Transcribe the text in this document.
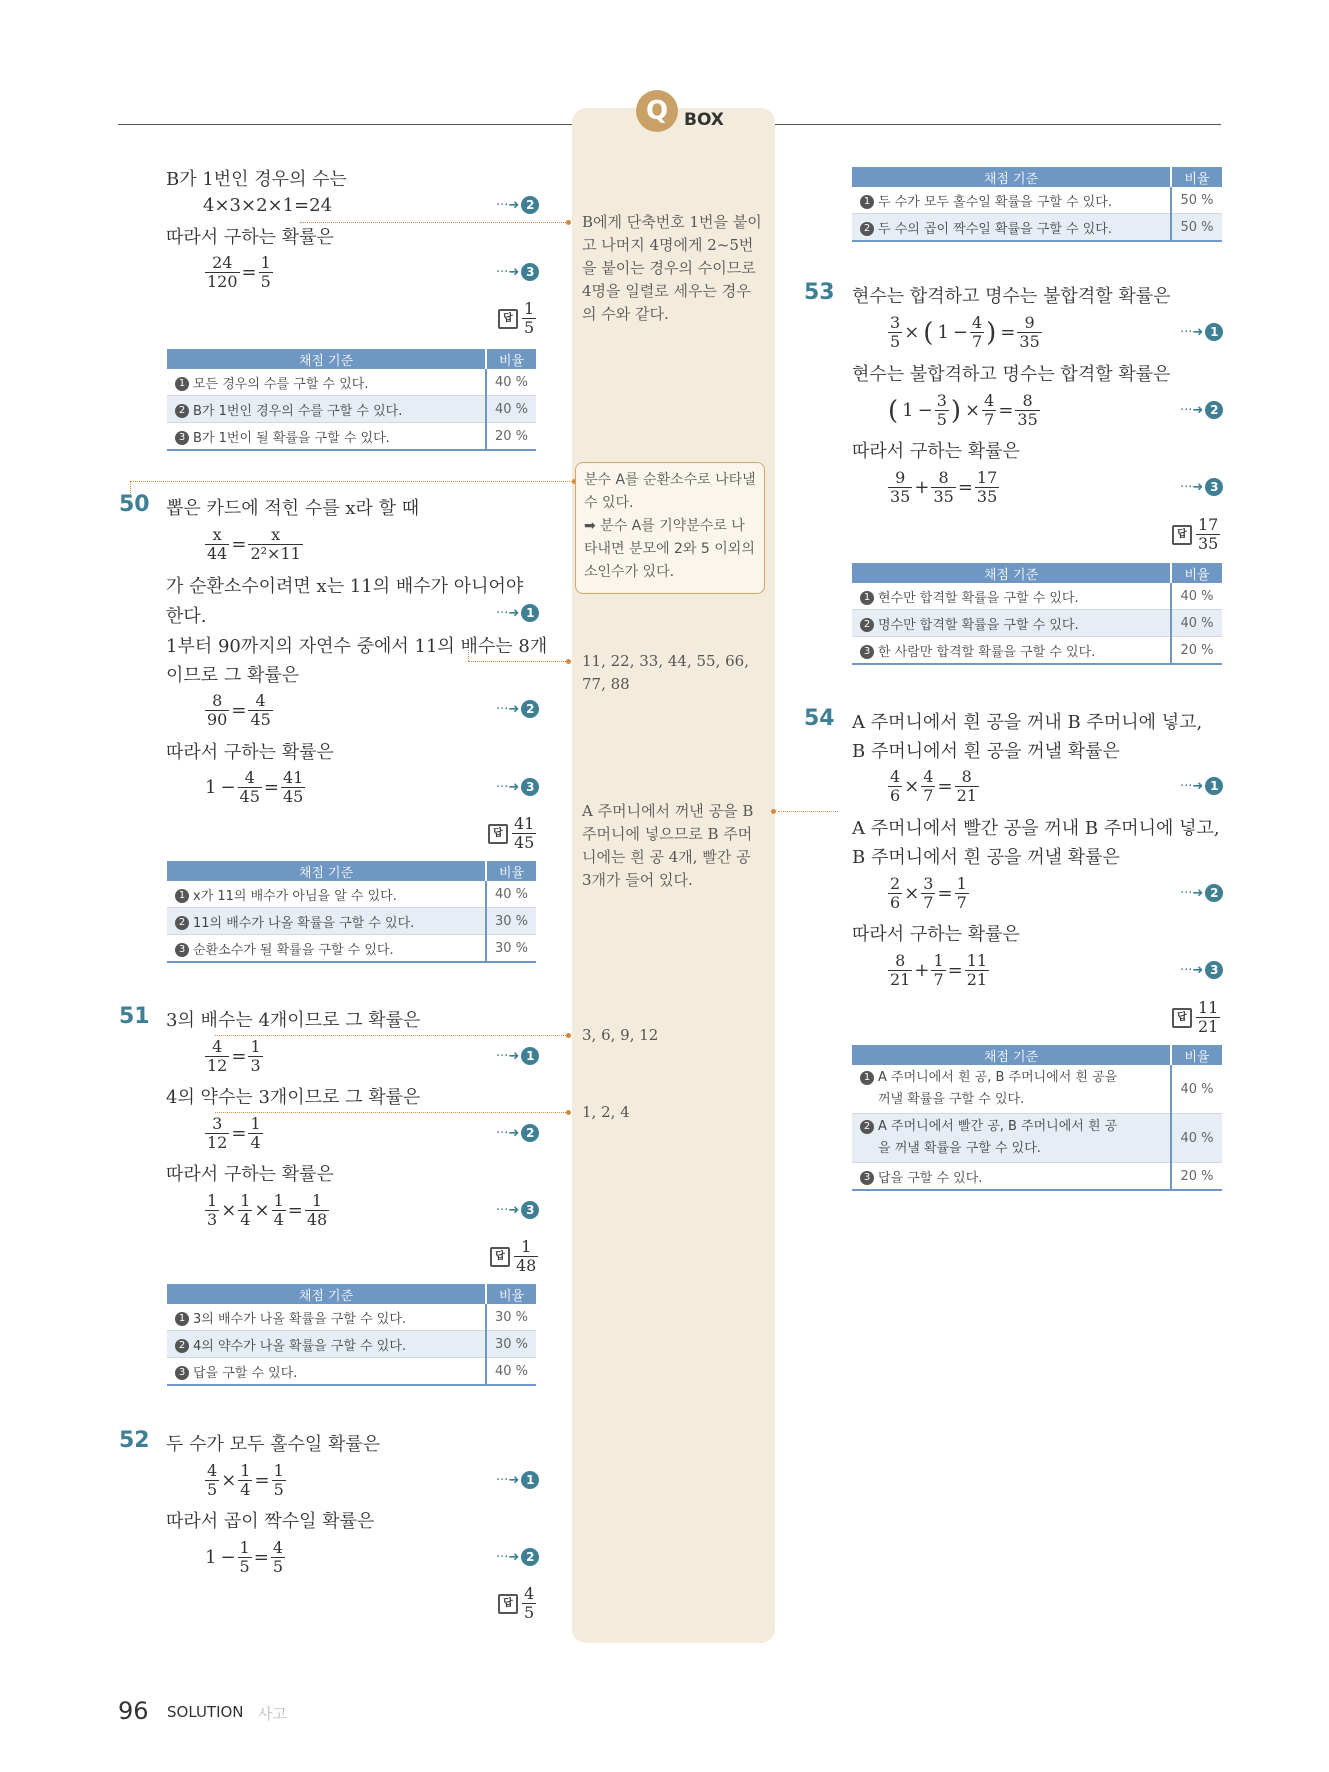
Q BOX
B가 1번인 경우의 수는
4×3×2×1=24	···➜ 2
따라서 구하는 확률은
$\frac{24}{120} = \frac{1}{5}$	···➜ 3
답 $\frac{1}{5}$
채점 기준	비율
1 모든 경우의 수를 구할 수 있다.	40 %
2 B가 1번인 경우의 수를 구할 수 있다.	40 %
3 B가 1번이 될 확률을 구할 수 있다.	20 %
50 뽑은 카드에 적힌 수를 x라 할 때
$\frac{x}{44} = \frac{x}{\text{2²×11}}$
가 순환소수이려면 x는 11의 배수가 아니어야
한다.	···➜ 1
1부터 90까지의 자연수 중에서 11의 배수는 8개
이므로 그 확률은
$\frac{8}{90} = \frac{4}{45}$	···➜ 2
따라서 구하는 확률은
$1 - \frac{4}{45} = \frac{41}{45}$	···➜ 3
답 $\frac{41}{45}$
채점 기준	비율
1 x가 11의 배수가 아님을 알 수 있다.	40 %
2 11의 배수가 나올 확률을 구할 수 있다.	30 %
3 순환소수가 될 확률을 구할 수 있다.	30 %
51 3의 배수는 4개이므로 그 확률은
$\frac{4}{12} = \frac{1}{3}$	···➜ 1
4의 약수는 3개이므로 그 확률은
$\frac{3}{12} = \frac{1}{4}$	···➜ 2
따라서 구하는 확률은
$\frac{1}{3} \times \frac{1}{4} \times \frac{1}{4} = \frac{1}{48}$	···➜ 3
답 $\frac{1}{48}$
채점 기준	비율
1 3의 배수가 나올 확률을 구할 수 있다.	30 %
2 4의 약수가 나올 확률을 구할 수 있다.	30 %
3 답을 구할 수 있다.	40 %
52 두 수가 모두 홀수일 확률은
$\frac{4}{5} \times \frac{1}{4} = \frac{1}{5}$	···➜ 1
따라서 곱이 짝수일 확률은
$1 - \frac{1}{5} = \frac{4}{5}$	···➜ 2
답 $\frac{4}{5}$
채점 기준	비율
1 두 수가 모두 홀수일 확률을 구할 수 있다.	50 %
2 두 수의 곱이 짝수일 확률을 구할 수 있다.	50 %
53 현수는 합격하고 명수는 불합격할 확률은
$\frac{3}{5}$ × ( $1 - \frac{4}{7}$ ) = $\frac{9}{35}$	···➜ 1
현수는 불합격하고 명수는 합격할 확률은
( $1 - \frac{3}{5}$ ) × $\frac{4}{7} = \frac{8}{35}$	···➜ 2
따라서 구하는 확률은
$\frac{9}{35} + \frac{8}{35} = \frac{17}{35}$	···➜ 3
답 $\frac{17}{35}$
채점 기준	비율
1 현수만 합격할 확률을 구할 수 있다.	40 %
2 명수만 합격할 확률을 구할 수 있다.	40 %
3 한 사람만 합격할 확률을 구할 수 있다.	20 %
54 A 주머니에서 흰 공을 꺼내 B 주머니에 넣고,
B 주머니에서 흰 공을 꺼낼 확률은
$\frac{4}{6} \times \frac{4}{7} = \frac{8}{21}$	···➜ 1
A 주머니에서 빨간 공을 꺼내 B 주머니에 넣고,
B 주머니에서 흰 공을 꺼낼 확률은
$\frac{2}{6} \times \frac{3}{7} = \frac{1}{7}$	···➜ 2
따라서 구하는 확률은
$\frac{8}{21} + \frac{1}{7} = \frac{11}{21}$	···➜ 3
답 $\frac{11}{21}$
채점 기준	비율
1 A 주머니에서 흰 공, B 주머니에서 흰 공을
꺼낼 확률을 구할 수 있다.	40 %
2 A 주머니에서 빨간 공, B 주머니에서 흰 공
을 꺼낼 확률을 구할 수 있다.	40 %
3 답을 구할 수 있다.	20 %
B에게 단축번호 1번을 붙이고 나머지 4명에게 2~5번을 붙이는 경우의 수이므로 4명을 일렬로 세우는 경우의 수와 같다.
분수 A를 순환소수로 나타낼 수 있다.
➡ 분수 A를 기약분수로 나타내면 분모에 2와 5 이외의 소인수가 있다.
11, 22, 33, 44, 55, 66, 77, 88
A 주머니에서 꺼낸 공을 B 주머니에 넣으므로 B 주머니에는 흰 공 4개, 빨간 공 3개가 들어 있다.
3, 6, 9, 12
1, 2, 4
96 SOLUTION 사고
